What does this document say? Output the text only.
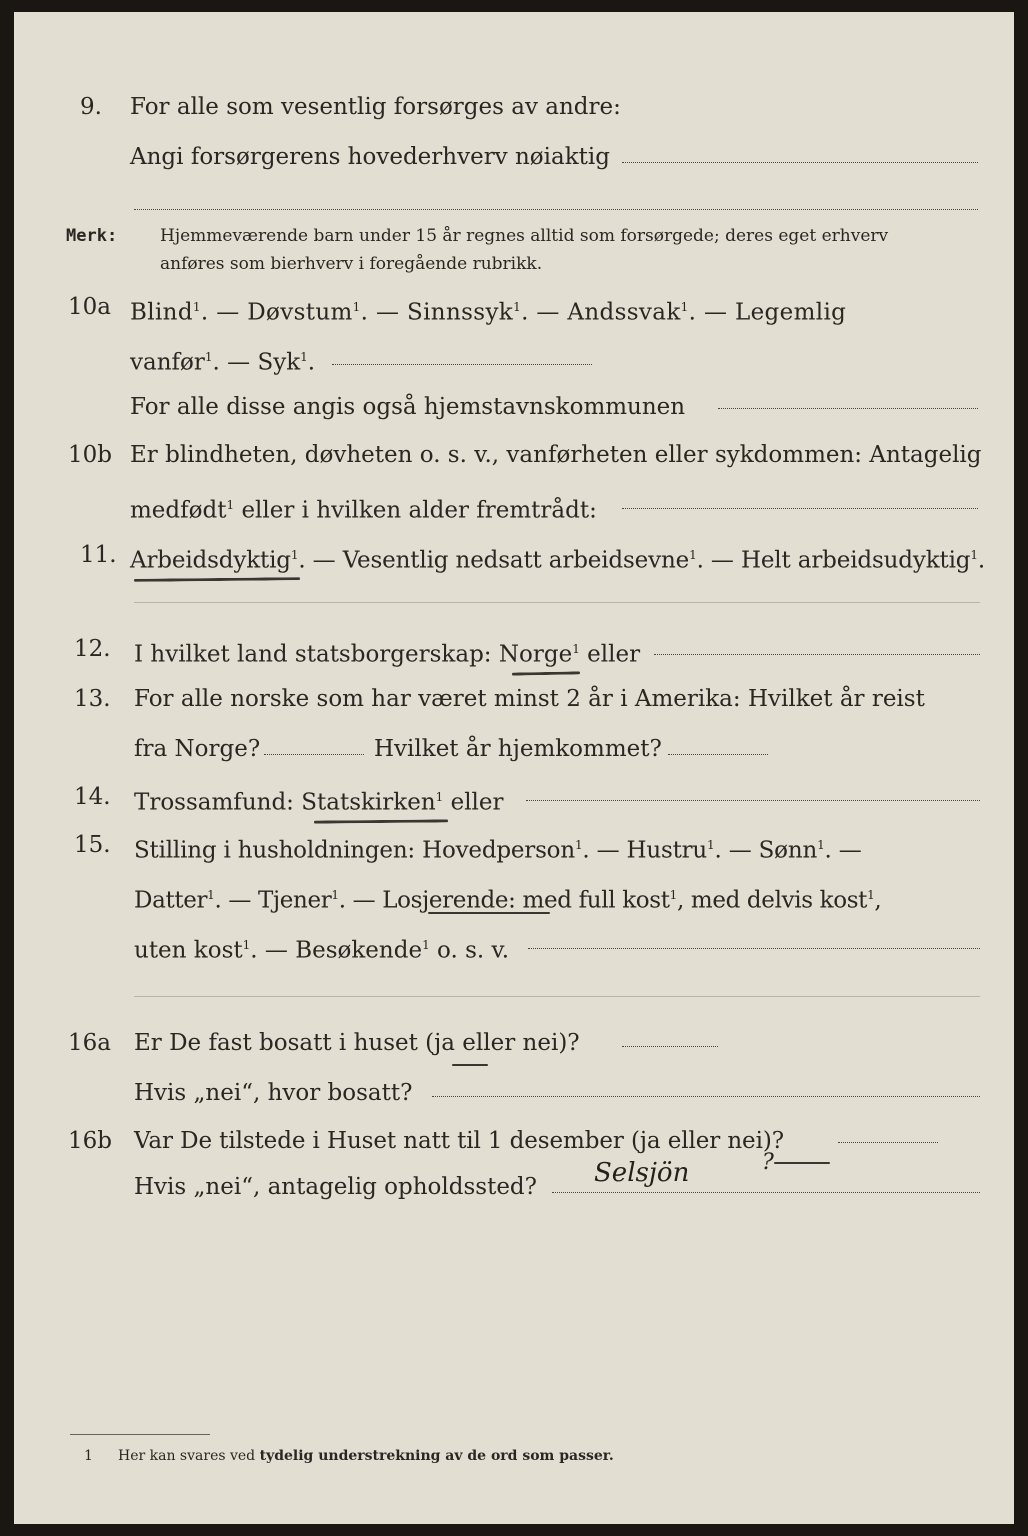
9. For alle som vesentlig forsørges av andre:
Angi forsørgerens hovederhverv nøiaktig
Merk:	Hjemmeværende barn under 15 år regnes alltid som forsørgede; deres eget erhverv
anføres som bierhverv i foregående rubrikk.
10a Blind$^1$. — Døvstum$^1$. — Sinnssyk$^1$. — Andssvak$^1$. — Legemlig
vanfør$^1$. — Syk$^1$.
For alle disse angis også hjemstavnskommunen
10b Er blindheten, døvheten o. s. v., vanførheten eller sykdommen: Antagelig
medfødt$^1$ eller i hvilken alder fremtrådt:
11. Arbeidsdyktig$^1$. — Vesentlig nedsatt arbeidsevne$^1$. — Helt arbeidsudyktig$^1$.
12. I hvilket land statsborgerskap: Norge$^1$ eller
13. For alle norske som har været minst 2 år i Amerika: Hvilket år reist
fra Norge?	Hvilket år hjemkommet?
14. Trossamfund: Statskirken$^1$ eller
15. Stilling i husholdningen: Hovedperson$^1$. — Hustru$^1$. — Sønn$^1$. —
Datter$^1$. — Tjener$^1$. — Losjerende: med full kost$^1$, med delvis kost$^1$,
uten kost$^1$. — Besøkende$^1$ o. s. v.
16a Er De fast bosatt i huset (ja eller nei)?
Hvis „nei“, hvor bosatt?
16b Var De tilstede i Huset natt til 1 desember (ja eller nei)?
Hvis „nei“, antagelig opholdssted? Selsjön	?
1 Her kan svares ved tydelig understrekning av de ord som passer.
